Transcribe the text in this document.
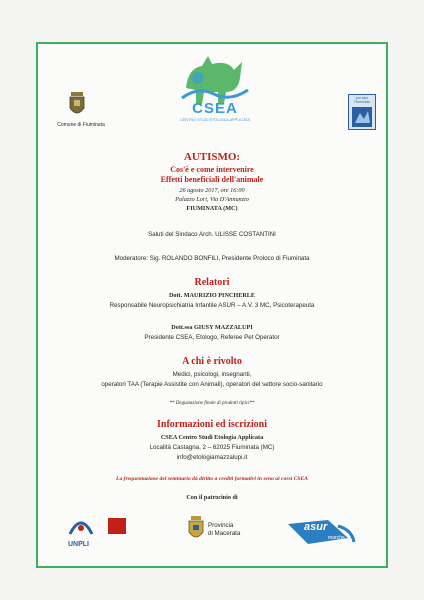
Comune di Fiuminata
CSEA
CENTRO STUDI ETOLOGIA APPLICATA
pro loco Fiuminata
AUTISMO:
Cos'è e come intervenire
Effetti beneficiali dell'animale
26 agosto 2017, ore 16:00
Palazzo Lori, Via D'Annunzio
FIUMINATA (MC)
Saluti del Sindaco Arch. ULISSE COSTANTINI
Moderatore: Sig. ROLANDO BONFILI, Presidente Proloco di Fiuminata
Relatori
Dott. MAURIZIO PINCHERLE
Responsabile Neuropsichiatria Infantile ASUR – A.V. 3 MC, Psicoterapeuta
Dott.ssa GIUSY MAZZALUPI
Presidente CSEA, Etologo, Referee Pet Operator
A chi è rivolto
Medici, psicologi, insegnanti,
operatori TAA (Terapie Assistite con Animali), operatori del settore socio-sanitario
** Degustazione finale di prodotti tipici**
Informazioni ed iscrizioni
CSEA Centro Studi Etologia Applicata
Località Castagna, 2 – 62025 Fiuminata (MC)
info@etologiamazzalupi.it
La frequentazione del seminario dà diritto a crediti formativi in seno ai corsi CSEA
Con il patrocinio di
UNPLI
Provincia
di Macerata
asur
marche
